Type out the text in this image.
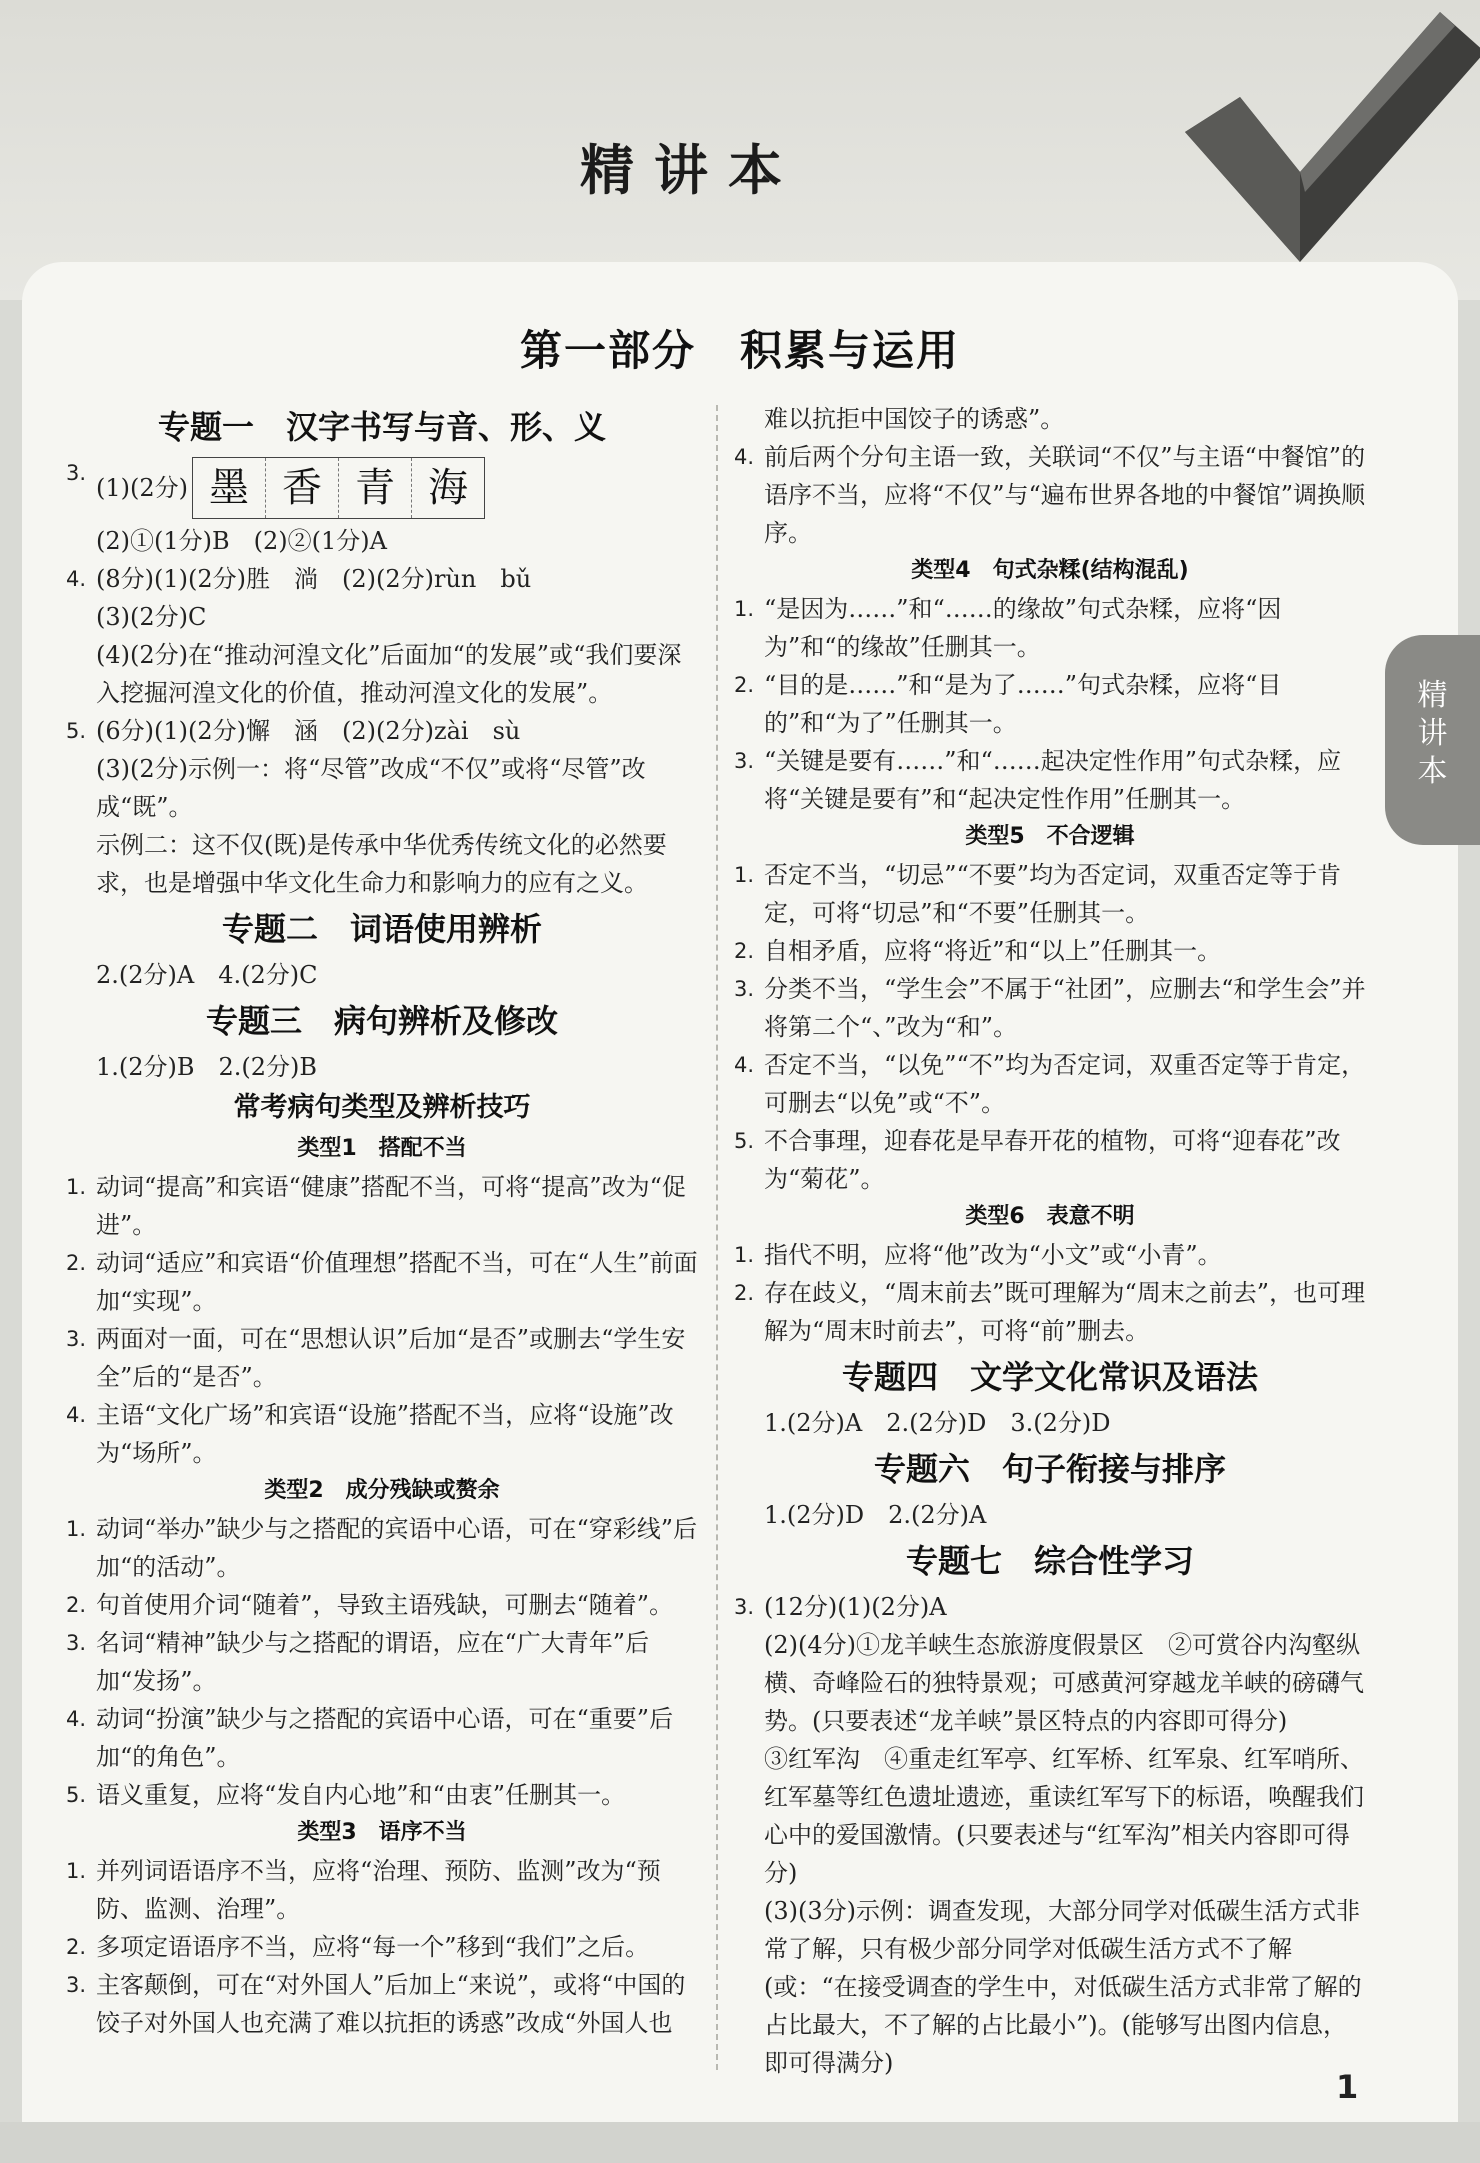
精讲本
第一部分　积累与运用
专题一　汉字书写与音、形、义
3.
(1)(2分) 墨 香 青 海
(2)①(1分)B　(2)②(1分)A
4. (8分)(1)(2分)胜　淌　(2)(2分)rùn　bǔ
(3)(2分)C
(4)(2分)在“推动河湟文化”后面加“的发展”或“我们要深入挖掘河湟文化的价值，推动河湟文化的发展”。
5. (6分)(1)(2分)懈　涵　(2)(2分)zài　sù
(3)(2分)示例一：将“尽管”改成“不仅”或将“尽管”改成“既”。
示例二：这不仅(既)是传承中华优秀传统文化的必然要求，也是增强中华文化生命力和影响力的应有之义。
专题二　词语使用辨析
2.(2分)A　4.(2分)C
专题三　病句辨析及修改
1.(2分)B　2.(2分)B
常考病句类型及辨析技巧
类型1　搭配不当
1. 动词“提高”和宾语“健康”搭配不当，可将“提高”改为“促进”。
2. 动词“适应”和宾语“价值理想”搭配不当，可在“人生”前面加“实现”。
3. 两面对一面，可在“思想认识”后加“是否”或删去“学生安全”后的“是否”。
4. 主语“文化广场”和宾语“设施”搭配不当，应将“设施”改为“场所”。
类型2　成分残缺或赘余
1. 动词“举办”缺少与之搭配的宾语中心语，可在“穿彩线”后加“的活动”。
2. 句首使用介词“随着”，导致主语残缺，可删去“随着”。
3. 名词“精神”缺少与之搭配的谓语，应在“广大青年”后加“发扬”。
4. 动词“扮演”缺少与之搭配的宾语中心语，可在“重要”后加“的角色”。
5. 语义重复，应将“发自内心地”和“由衷”任删其一。
类型3　语序不当
1. 并列词语语序不当，应将“治理、预防、监测”改为“预防、监测、治理”。
2. 多项定语语序不当，应将“每一个”移到“我们”之后。
3. 主客颠倒，可在“对外国人”后加上“来说”，或将“中国的饺子对外国人也充满了难以抗拒的诱惑”改成“外国人也
难以抗拒中国饺子的诱惑”。
4. 前后两个分句主语一致，关联词“不仅”与主语“中餐馆”的语序不当，应将“不仅”与“遍布世界各地的中餐馆”调换顺序。
类型4　句式杂糅(结构混乱)
1. “是因为……”和“……的缘故”句式杂糅，应将“因为”和“的缘故”任删其一。
2. “目的是……”和“是为了……”句式杂糅，应将“目的”和“为了”任删其一。
3. “关键是要有……”和“……起决定性作用”句式杂糅，应将“关键是要有”和“起决定性作用”任删其一。
类型5　不合逻辑
1. 否定不当，“切忌”“不要”均为否定词，双重否定等于肯定，可将“切忌”和“不要”任删其一。
2. 自相矛盾，应将“将近”和“以上”任删其一。
3. 分类不当，“学生会”不属于“社团”，应删去“和学生会”并将第二个“、”改为“和”。
4. 否定不当，“以免”“不”均为否定词，双重否定等于肯定，可删去“以免”或“不”。
5. 不合事理，迎春花是早春开花的植物，可将“迎春花”改为“菊花”。
类型6　表意不明
1. 指代不明，应将“他”改为“小文”或“小青”。
2. 存在歧义，“周末前去”既可理解为“周末之前去”，也可理解为“周末时前去”，可将“前”删去。
专题四　文学文化常识及语法
1.(2分)A　2.(2分)D　3.(2分)D
专题六　句子衔接与排序
1.(2分)D　2.(2分)A
专题七　综合性学习
3. (12分)(1)(2分)A
(2)(4分)①龙羊峡生态旅游度假景区　②可赏谷内沟壑纵横、奇峰险石的独特景观；可感黄河穿越龙羊峡的磅礴气势。(只要表述“龙羊峡”景区特点的内容即可得分)
③红军沟　④重走红军亭、红军桥、红军泉、红军哨所、红军墓等红色遗址遗迹，重读红军写下的标语，唤醒我们心中的爱国激情。(只要表述与“红军沟”相关内容即可得分)
(3)(3分)示例：调查发现，大部分同学对低碳生活方式非常了解，只有极少部分同学对低碳生活方式不了解(或：“在接受调查的学生中，对低碳生活方式非常了解的占比最大，不了解的占比最小”)。(能够写出图内信息，即可得满分)
精
讲
本
1
